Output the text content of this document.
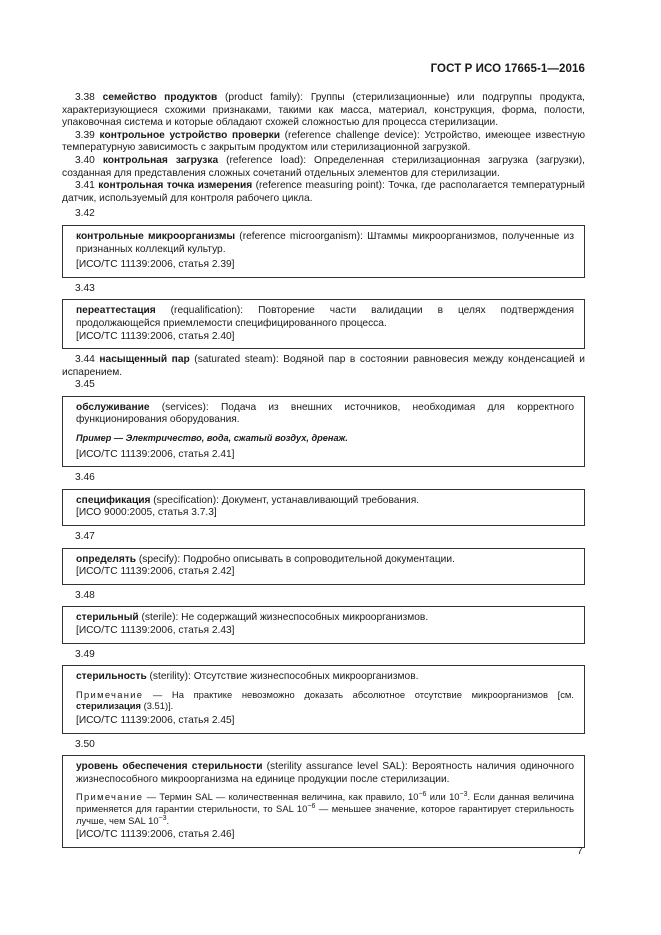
ГОСТ Р ИСО 17665-1—2016

3.38 семейство продуктов (product family): Группы (стерилизационные) или подгруппы продукта, характеризующиеся схожими признаками, такими как масса, материал, конструкция, форма, полости, упаковочная система и которые обладают схожей сложностью для процесса стерилизации.

3.39 контрольное устройство проверки (reference challenge device): Устройство, имеющее известную температурную зависимость с закрытым продуктом или стерилизационной загрузкой.

3.40 контрольная загрузка (reference load): Определенная стерилизационная загрузка (загрузки), созданная для представления сложных сочетаний отдельных элементов для стерилизации.

3.41 контрольная точка измерения (reference measuring point): Точка, где располагается температурный датчик, используемый для контроля рабочего цикла.

3.42

контрольные микроорганизмы (reference microorganism): Штаммы микроорганизмов, полученные из признанных коллекций культур.

[ИСО/ТС 11139:2006, статья 2.39]

3.43

переаттестация (requalification): Повторение части валидации в целях подтверждения продолжающейся приемлемости специфицированного процесса.

[ИСО/ТС 11139:2006, статья 2.40]

3.44 насыщенный пар (saturated steam): Водяной пар в состоянии равновесия между конденсацией и испарением.

3.45

обслуживание (services): Подача из внешних источников, необходимая для корректного функционирования оборудования.

Пример — Электричество, вода, сжатый воздух, дренаж.

[ИСО/ТС 11139:2006, статья 2.41]

3.46

спецификация (specification): Документ, устанавливающий требования.

[ИСО 9000:2005, статья 3.7.3]

3.47

определять (specify): Подробно описывать в сопроводительной документации.

[ИСО/ТС 11139:2006, статья 2.42]

3.48

стерильный (sterile): Не содержащий жизнеспособных микроорганизмов.

[ИСО/ТС 11139:2006, статья 2.43]

3.49

стерильность (sterility): Отсутствие жизнеспособных микроорганизмов.

Примечание — На практике невозможно доказать абсолютное отсутствие микроорганизмов [см. стерилизация (3.51)].

[ИСО/ТС 11139:2006, статья 2.45]

3.50

уровень обеспечения стерильности (sterility assurance level SAL): Вероятность наличия одиночного жизнеспособного микроорганизма на единице продукции после стерилизации.

Примечание — Термин SAL — количественная величина, как правило, $10^{-6}$ или $10^{-3}$. Если данная величина применяется для гарантии стерильности, то SAL $10^{-6}$ — меньшее значение, которое гарантирует стерильность лучше, чем SAL $10^{-3}$.

[ИСО/ТС 11139:2006, статья 2.46]

7
